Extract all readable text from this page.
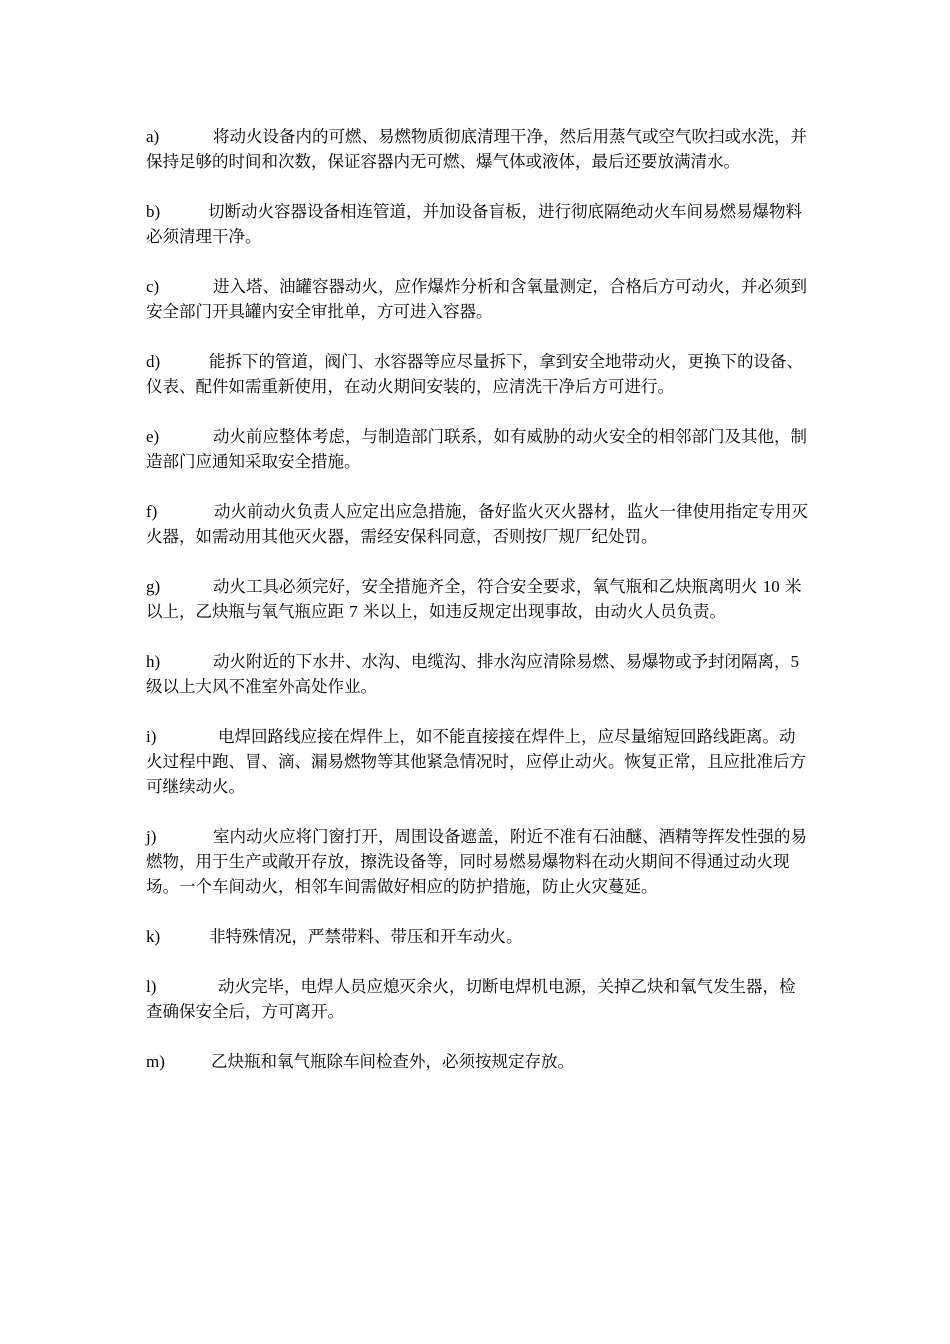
a)	将动火设备内的可燃、易燃物质彻底清理干净，然后用蒸气或空气吹扫或水洗，并保持足够的时间和次数，保证容器内无可燃、爆气体或液体，最后还要放满清水。

b)	切断动火容器设备相连管道，并加设备盲板，进行彻底隔绝动火车间易燃易爆物料必须清理干净。

c)	进入塔、油罐容器动火，应作爆炸分析和含氧量测定，合格后方可动火，并必须到安全部门开具罐内安全审批单，方可进入容器。

d)	能拆下的管道，阀门、水容器等应尽量拆下，拿到安全地带动火，更换下的设备、仪表、配件如需重新使用，在动火期间安装的，应清洗干净后方可进行。

e)	动火前应整体考虑，与制造部门联系，如有威胁的动火安全的相邻部门及其他，制造部门应通知采取安全措施。

f)	动火前动火负责人应定出应急措施，备好监火灭火器材，监火一律使用指定专用灭火器，如需动用其他灭火器，需经安保科同意，否则按厂规厂纪处罚。

g)	动火工具必须完好，安全措施齐全，符合安全要求，氧气瓶和乙炔瓶离明火 10 米以上，乙炔瓶与氧气瓶应距 7 米以上，如违反规定出现事故，由动火人员负责。

h)	动火附近的下水井、水沟、电缆沟、排水沟应清除易燃、易爆物或予封闭隔离，5 级以上大风不准室外高处作业。

i)	电焊回路线应接在焊件上，如不能直接接在焊件上，应尽量缩短回路线距离。动火过程中跑、冒、滴、漏易燃物等其他紧急情况时，应停止动火。恢复正常，且应批准后方可继续动火。

j)	室内动火应将门窗打开，周围设备遮盖，附近不准有石油醚、酒精等挥发性强的易燃物，用于生产或敞开存放，擦洗设备等，同时易燃易爆物料在动火期间不得通过动火现场。一个车间动火，相邻车间需做好相应的防护措施，防止火灾蔓延。

k)	非特殊情况，严禁带料、带压和开车动火。

l)	动火完毕，电焊人员应熄灭余火，切断电焊机电源，关掉乙炔和氧气发生器，检查确保安全后，方可离开。

m)	乙炔瓶和氧气瓶除车间检查外，必须按规定存放。
